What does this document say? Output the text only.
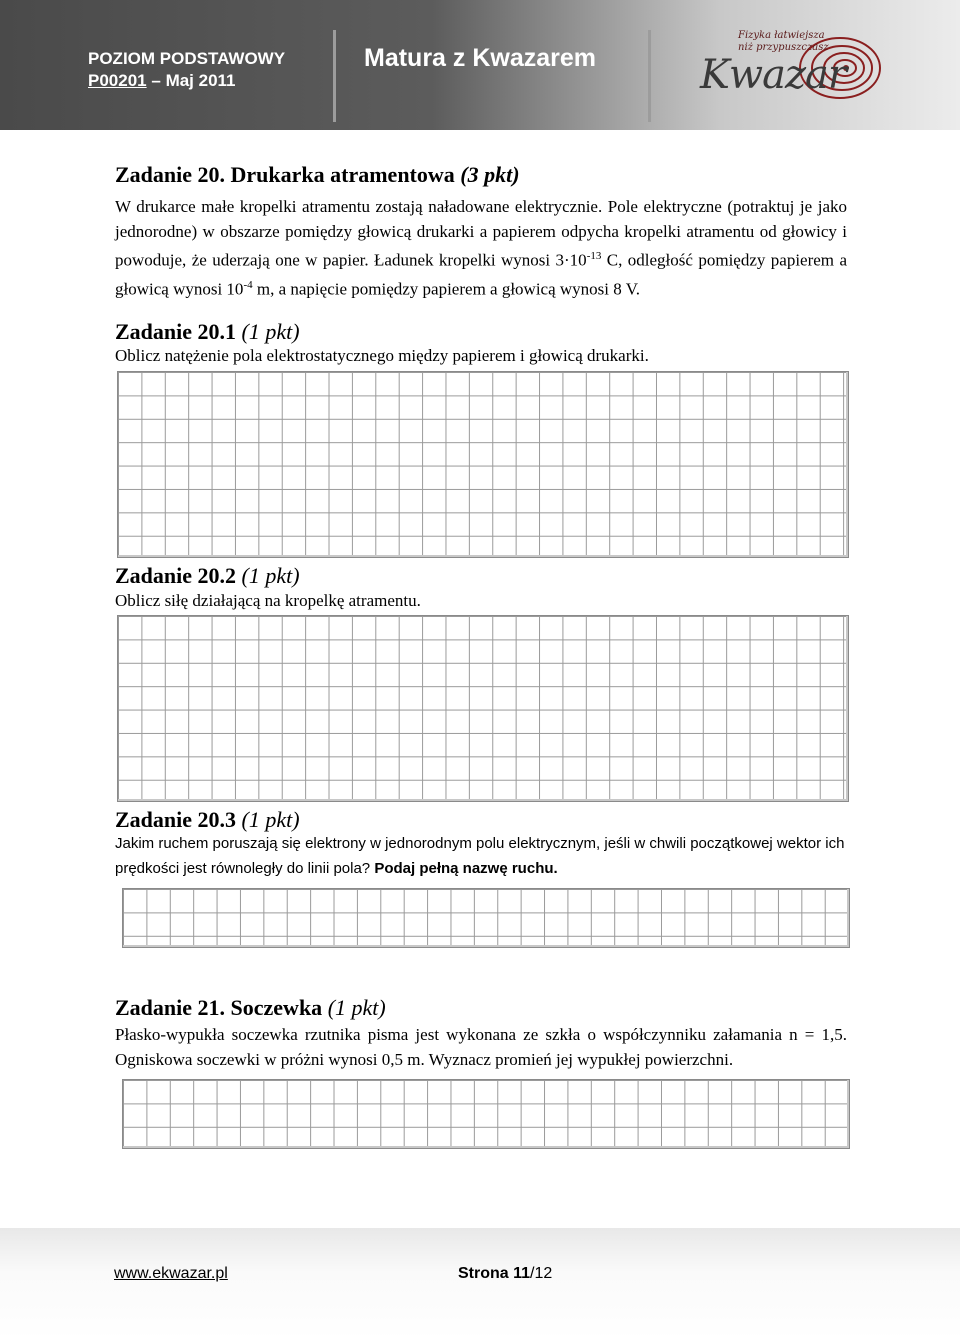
POZIOM PODSTAWOWY
P00201 – Maj 2011
Matura z Kwazarem
Fizyka łatwiejsza
niż przypuszczasz
Kwazar
Zadanie 20. Drukarka atramentowa (3 pkt)

W drukarce małe kropelki atramentu zostają naładowane elektrycznie. Pole elektryczne (potraktuj je jako jednorodne) w obszarze pomiędzy głowicą drukarki a papierem odpycha kropelki atramentu od głowicy i powoduje, że uderzają one w papier. Ładunek kropelki wynosi $3\cdot 10^{-13}$ C, odległość pomiędzy papierem a głowicą wynosi $10^{-4}$ m, a napięcie pomiędzy papierem a głowicą wynosi 8 V.

Zadanie 20.1 (1 pkt)

Oblicz natężenie pola elektrostatycznego między papierem i głowicą drukarki.

Zadanie 20.2 (1 pkt)

Oblicz siłę działającą na kropelkę atramentu.

Zadanie 20.3 (1 pkt)

Jakim ruchem poruszają się elektrony w jednorodnym polu elektrycznym, jeśli w chwili początkowej wektor ich prędkości jest równoległy do linii pola? Podaj pełną nazwę ruchu.

Zadanie 21. Soczewka (1 pkt)

Płasko-wypukła soczewka rzutnika pisma jest wykonana ze szkła o współczynniku załamania n = 1,5. Ogniskowa soczewki w próżni wynosi 0,5 m. Wyznacz promień jej wypukłej powierzchni.

www.ekwazar.pl	Strona 11/12
